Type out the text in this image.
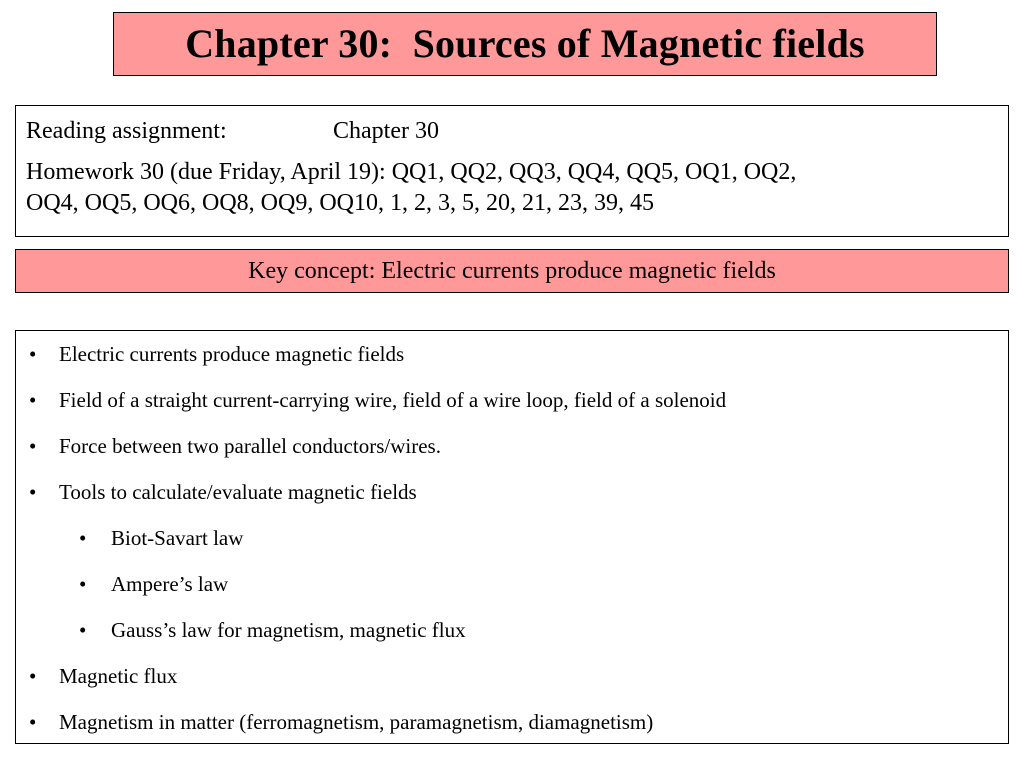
Chapter 30:  Sources of Magnetic fields
Reading assignment:	Chapter 30
Homework 30 (due Friday, April 19): QQ1, QQ2, QQ3, QQ4, QQ5, OQ1, OQ2,
OQ4, OQ5, OQ6, OQ8, OQ9, OQ10, 1, 2, 3, 5, 20, 21, 23, 39, 45
Key concept: Electric currents produce magnetic fields
• Electric currents produce magnetic fields
• Field of a straight current-carrying wire, field of a wire loop, field of a solenoid
• Force between two parallel conductors/wires.
• Tools to calculate/evaluate magnetic fields
• Biot-Savart law
• Ampere’s law
• Gauss’s law for magnetism, magnetic flux
• Magnetic flux
• Magnetism in matter (ferromagnetism, paramagnetism, diamagnetism)
